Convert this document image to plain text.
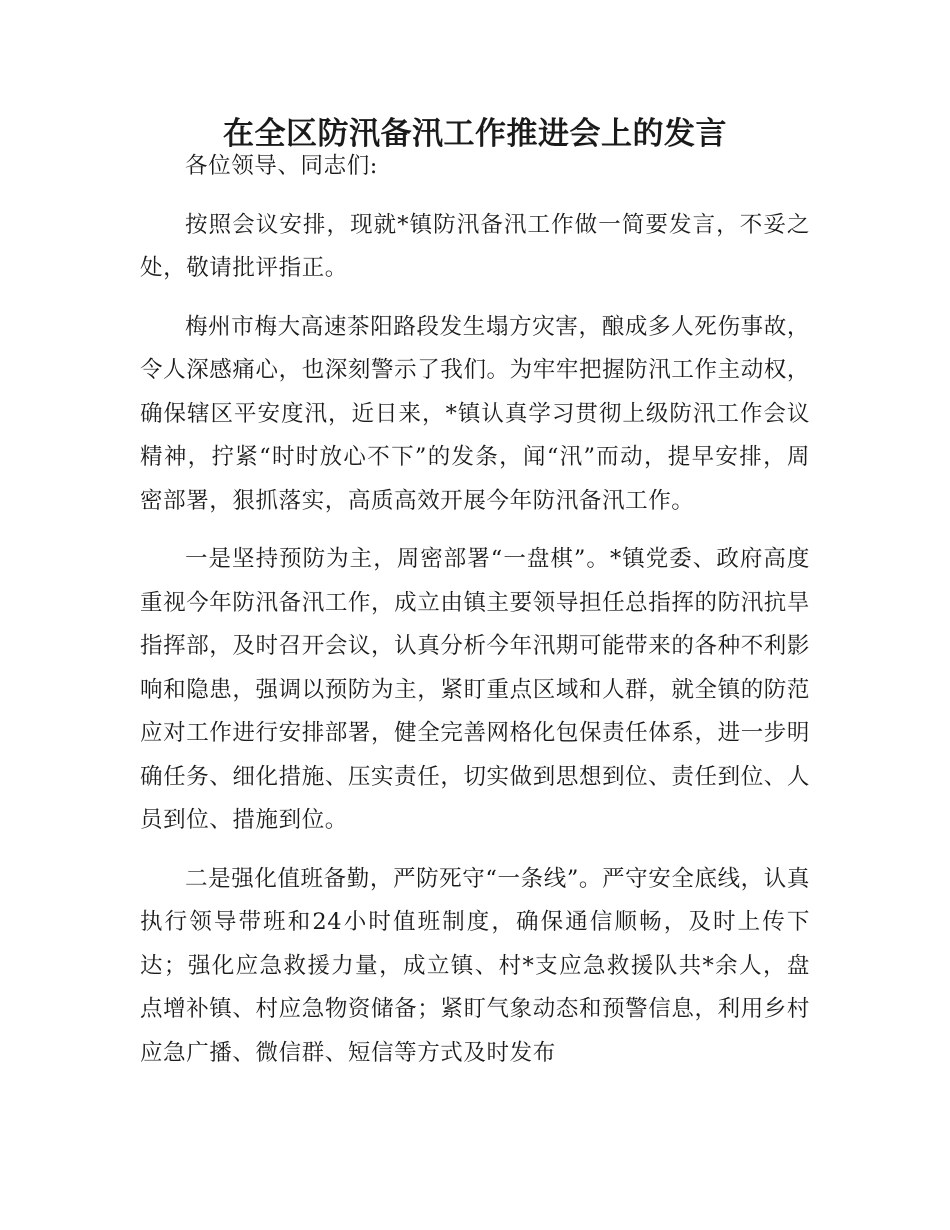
在全区防汛备汛工作推进会上的发言

各位领导、同志们:

按照会议安排，现就*镇防汛备汛工作做一简要发言，不妥之处，敬请批评指正。

梅州市梅大高速茶阳路段发生塌方灾害，酿成多人死伤事故，令人深感痛心，也深刻警示了我们。为牢牢把握防汛工作主动权，确保辖区平安度汛，近日来，*镇认真学习贯彻上级防汛工作会议精神，拧紧“时时放心不下”的发条，闻“汛”而动，提早安排，周密部署，狠抓落实，高质高效开展今年防汛备汛工作。

一是坚持预防为主，周密部署“一盘棋”。*镇党委、政府高度重视今年防汛备汛工作，成立由镇主要领导担任总指挥的防汛抗旱指挥部，及时召开会议，认真分析今年汛期可能带来的各种不利影响和隐患，强调以预防为主，紧盯重点区域和人群，就全镇的防范应对工作进行安排部署，健全完善网格化包保责任体系，进一步明确任务、细化措施、压实责任，切实做到思想到位、责任到位、人员到位、措施到位。

二是强化值班备勤，严防死守“一条线”。严守安全底线，认真执行领导带班和24小时值班制度，确保通信顺畅，及时上传下达；强化应急救援力量，成立镇、村*支应急救援队共*余人，盘点增补镇、村应急物资储备；紧盯气象动态和预警信息，利用乡村应急广播、微信群、短信等方式及时发布
